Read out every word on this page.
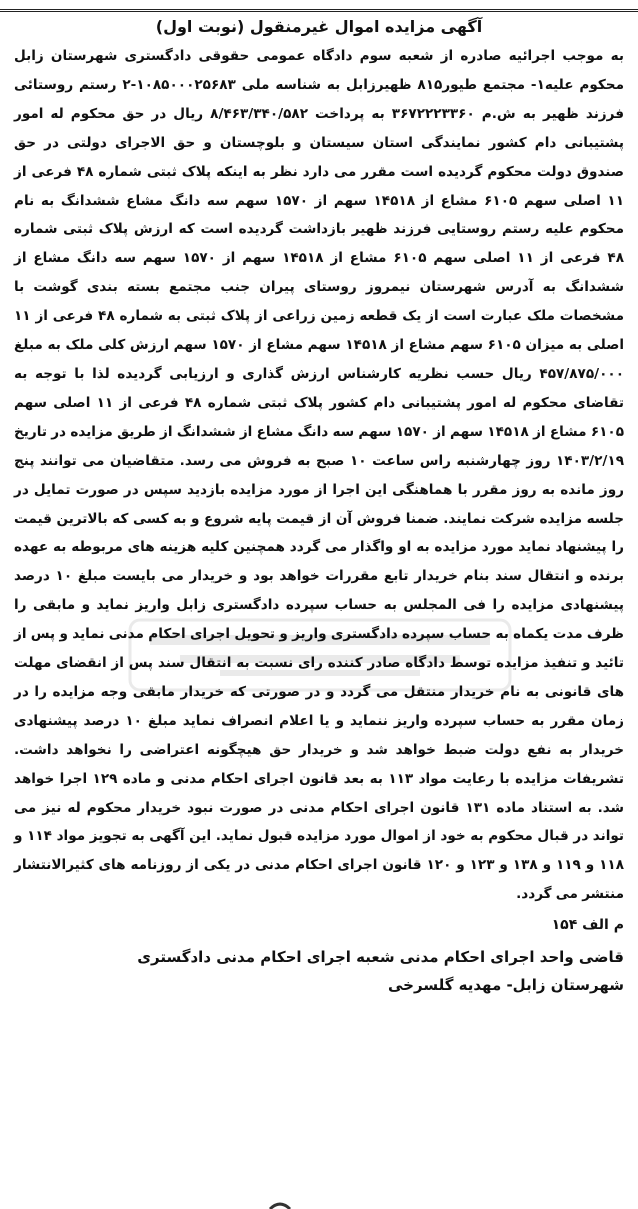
آگهی مزایده اموال غیرمنقول (نوبت اول)

به موجب اجرائیه صادره از شعبه سوم دادگاه عمومی حقوقی دادگستری شهرستان زابل محکوم علیه۱- مجتمع طیور۸۱۵ ظهیرزابل به شناسه ملی ۱۰۸۵۰۰۰۲۵۶۸۳-۲ رستم روستائی فرزند ظهیر به ش.م ۳۶۷۲۲۲۳۳۶۰ به پرداخت ۸/۴۶۳/۳۴۰/۵۸۲ ریال در حق محکوم له امور پشتیبانی دام کشور نمایندگی استان سیستان و بلوچستان و حق الاجرای دولتی در حق صندوق دولت محکوم گردیده است مقرر می دارد نظر به اینکه پلاک ثبتی شماره ۴۸ فرعی از ۱۱ اصلی سهم ۶۱۰۵ مشاع از ۱۴۵۱۸ سهم از ۱۵۷۰ سهم سه دانگ مشاع ششدانگ به نام محکوم علیه رستم روستایی فرزند ظهیر بازداشت گردیده است که ارزش پلاک ثبتی شماره ۴۸ فرعی از ۱۱ اصلی سهم ۶۱۰۵ مشاع از ۱۴۵۱۸ سهم از ۱۵۷۰ سهم سه دانگ مشاع از ششدانگ به آدرس شهرستان نیمروز روستای پیران جنب مجتمع بسته بندی گوشت با مشخصات ملک عبارت است از یک قطعه زمین زراعی از پلاک ثبتی به شماره ۴۸ فرعی از ۱۱ اصلی به میزان ۶۱۰۵ سهم مشاع از ۱۴۵۱۸ سهم مشاع از ۱۵۷۰ سهم ارزش کلی ملک به مبلغ ۴۵۷/۸۷۵/۰۰۰ ریال حسب نظریه کارشناس ارزش گذاری و ارزیابی گردیده لذا با توجه به تقاضای محکوم له امور پشتیبانی دام کشور پلاک ثبتی شماره ۴۸ فرعی از ۱۱ اصلی سهم ۶۱۰۵ مشاع از ۱۴۵۱۸ سهم از ۱۵۷۰ سهم سه دانگ مشاع از ششدانگ از طریق مزایده در تاریخ ۱۴۰۳/۲/۱۹ روز چهارشنبه راس ساعت ۱۰ صبح به فروش می رسد. متقاضیان می توانند پنج روز مانده به روز مقرر با هماهنگی این اجرا از مورد مزایده بازدید سپس در صورت تمایل در جلسه مزایده شرکت نمایند. ضمنا فروش آن از قیمت پایه شروع و به کسی که بالاترین قیمت را پیشنهاد نماید مورد مزایده به او واگذار می گردد همچنین کلیه هزینه های مربوطه به عهده برنده و انتقال سند بنام خریدار تابع مقررات خواهد بود و خریدار می بایست مبلغ ۱۰ درصد پیشنهادی مزایده را فی المجلس به حساب سپرده دادگستری زابل واریز نماید و مابقی را ظرف مدت یکماه به حساب سپرده دادگستری واریز و تحویل اجرای احکام مدنی نماید و پس از تائید و تنفیذ مزایده توسط دادگاه صادر کننده رای نسبت به انتقال سند پس از انقضای مهلت های قانونی به نام خریدار منتقل می گردد و در صورتی که خریدار مابقی وجه مزایده را در زمان مقرر به حساب سپرده واریز ننماید و یا اعلام انصراف نماید مبلغ ۱۰ درصد پیشنهادی خریدار به نفع دولت ضبط خواهد شد و خریدار حق هیچگونه اعتراضی را نخواهد داشت. تشریفات مزایده با رعایت مواد ۱۱۳ به بعد قانون اجرای احکام مدنی و ماده ۱۲۹ اجرا خواهد شد. به استناد ماده ۱۳۱ قانون اجرای احکام مدنی در صورت نبود خریدار محکوم له نیز می تواند در قبال محکوم به خود از اموال مورد مزایده قبول نماید. این آگهی به تجویز مواد ۱۱۴ و ۱۱۸ و ۱۱۹ و ۱۳۸ و ۱۲۳ و ۱۲۰ قانون اجرای احکام مدنی در یکی از روزنامه های کثیرالانتشار منتشر می گردد.

م الف ۱۵۴
قاضی واحد اجرای احکام مدنی شعبه اجرای احکام مدنی دادگستری
شهرستان زابل- مهدیه گلسرخی
